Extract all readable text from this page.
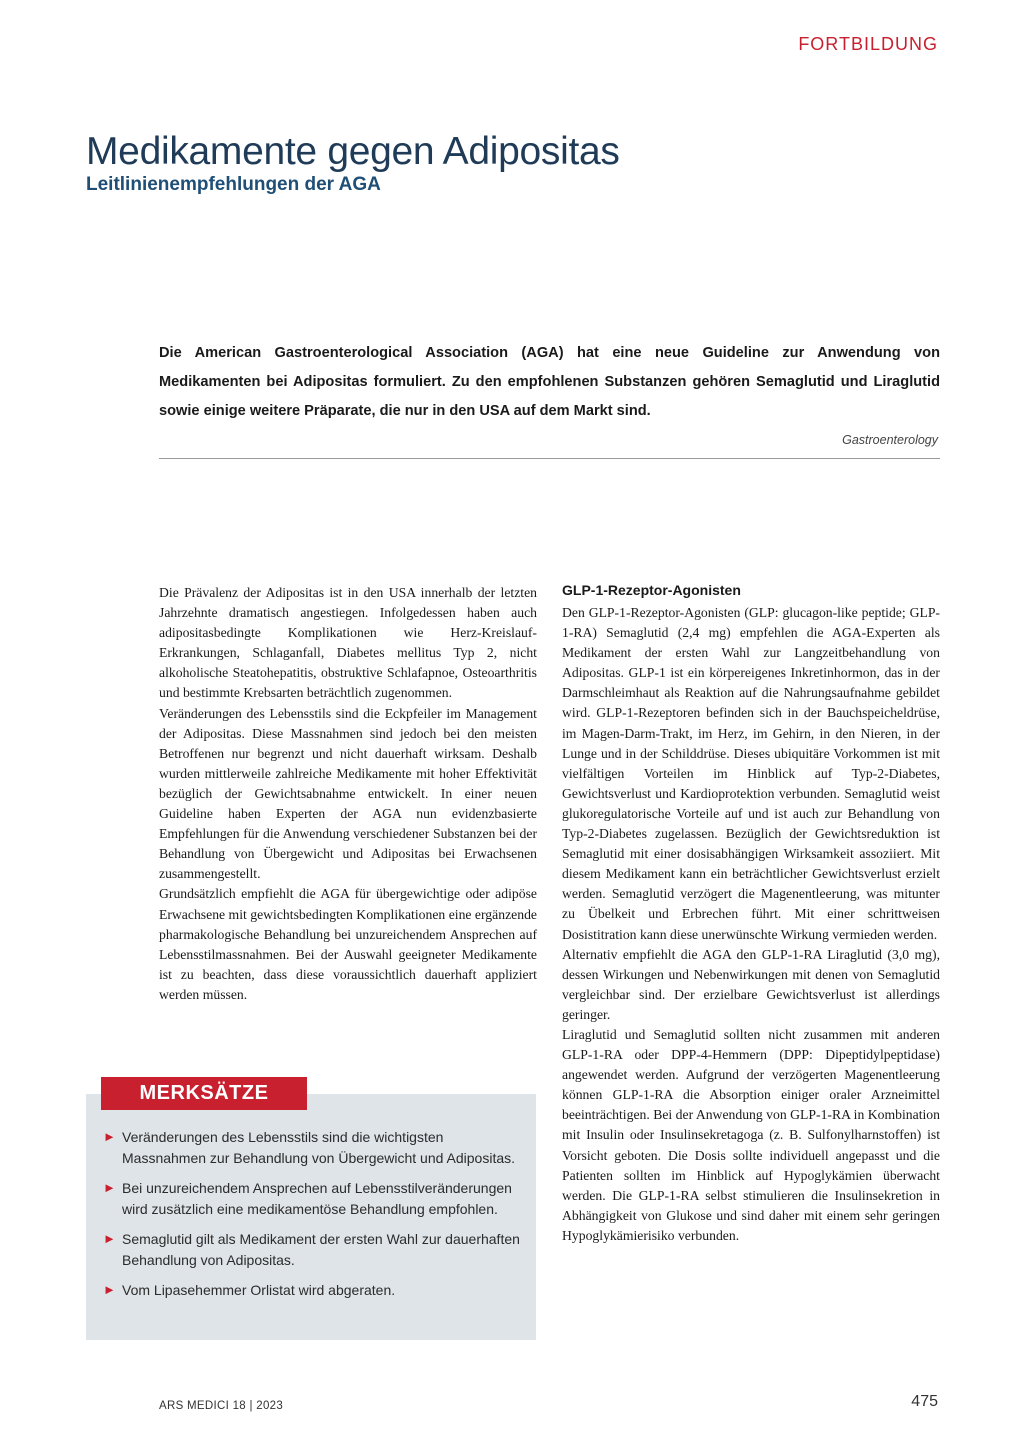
FORTBILDUNG
Medikamente gegen Adipositas
Leitlinienempfehlungen der AGA
Die American Gastroenterological Association (AGA) hat eine neue Guideline zur Anwendung von Medikamenten bei Adipositas formuliert. Zu den empfohlenen Substanzen gehören Semaglutid und Liraglutid sowie einige weitere Präparate, die nur in den USA auf dem Markt sind.
Gastroenterology

Die Prävalenz der Adipositas ist in den USA innerhalb der letzten Jahrzehnte dramatisch angestiegen. Infolgedessen haben auch adipositasbedingte Komplikationen wie Herz-Kreislauf-Erkrankungen, Schlaganfall, Diabetes mellitus Typ 2, nicht alkoholische Steatohepatitis, obstruktive Schlafapnoe, Osteoarthritis und bestimmte Krebsarten beträchtlich zugenommen.

Veränderungen des Lebensstils sind die Eckpfeiler im Management der Adipositas. Diese Massnahmen sind jedoch bei den meisten Betroffenen nur begrenzt und nicht dauerhaft wirksam. Deshalb wurden mittlerweile zahlreiche Medikamente mit hoher Effektivität bezüglich der Gewichtsabnahme entwickelt. In einer neuen Guideline haben Experten der AGA nun evidenzbasierte Empfehlungen für die Anwendung verschiedener Substanzen bei der Behandlung von Übergewicht und Adipositas bei Erwachsenen zusammengestellt.

Grundsätzlich empfiehlt die AGA für übergewichtige oder adipöse Erwachsene mit gewichtsbedingten Komplikationen eine ergänzende pharmakologische Behandlung bei unzureichendem Ansprechen auf Lebensstilmassnahmen. Bei der Auswahl geeigneter Medikamente ist zu beachten, dass diese voraussichtlich dauerhaft appliziert werden müssen.

GLP-1-Rezeptor-Agonisten

Den GLP-1-Rezeptor-Agonisten (GLP: glucagon-like peptide; GLP-1-RA) Semaglutid (2,4 mg) empfehlen die AGA-Experten als Medikament der ersten Wahl zur Langzeitbehandlung von Adipositas. GLP-1 ist ein körpereigenes Inkretinhormon, das in der Darmschleimhaut als Reaktion auf die Nahrungsaufnahme gebildet wird. GLP-1-Rezeptoren befinden sich in der Bauchspeicheldrüse, im Magen-Darm-Trakt, im Herz, im Gehirn, in den Nieren, in der Lunge und in der Schilddrüse. Dieses ubiquitäre Vorkommen ist mit vielfältigen Vorteilen im Hinblick auf Typ-2-Diabetes, Gewichtsverlust und Kardioprotektion verbunden. Semaglutid weist glukoregulatorische Vorteile auf und ist auch zur Behandlung von Typ-2-Diabetes zugelassen. Bezüglich der Gewichtsreduktion ist Semaglutid mit einer dosisabhängigen Wirksamkeit assoziiert. Mit diesem Medikament kann ein beträchtlicher Gewichtsverlust erzielt werden. Semaglutid verzögert die Magenentleerung, was mitunter zu Übelkeit und Erbrechen führt. Mit einer schrittweisen Dosistitration kann diese unerwünschte Wirkung vermieden werden.

Alternativ empfiehlt die AGA den GLP-1-RA Liraglutid (3,0 mg), dessen Wirkungen und Nebenwirkungen mit denen von Semaglutid vergleichbar sind. Der erzielbare Gewichtsverlust ist allerdings geringer.

Liraglutid und Semaglutid sollten nicht zusammen mit anderen GLP-1-RA oder DPP-4-Hemmern (DPP: Dipeptidylpeptidase) angewendet werden. Aufgrund der verzögerten Magenentleerung können GLP-1-RA die Absorption einiger oraler Arzneimittel beeinträchtigen. Bei der Anwendung von GLP-1-RA in Kombination mit Insulin oder Insulinsekretagoga (z. B. Sulfonylharnstoffen) ist Vorsicht geboten. Die Dosis sollte individuell angepasst und die Patienten sollten im Hinblick auf Hypoglykämien überwacht werden. Die GLP-1-RA selbst stimulieren die Insulinsekretion in Abhängigkeit von Glukose und sind daher mit einem sehr geringen Hypoglykämierisiko verbunden.

MERKSÄTZE
► Veränderungen des Lebensstils sind die wichtigsten Massnahmen zur Behandlung von Übergewicht und Adipositas.
► Bei unzureichendem Ansprechen auf Lebensstilveränderungen wird zusätzlich eine medikamentöse Behandlung empfohlen.
► Semaglutid gilt als Medikament der ersten Wahl zur dauerhaften Behandlung von Adipositas.
► Vom Lipasehemmer Orlistat wird abgeraten.
ARS MEDICI 18 | 2023	475
